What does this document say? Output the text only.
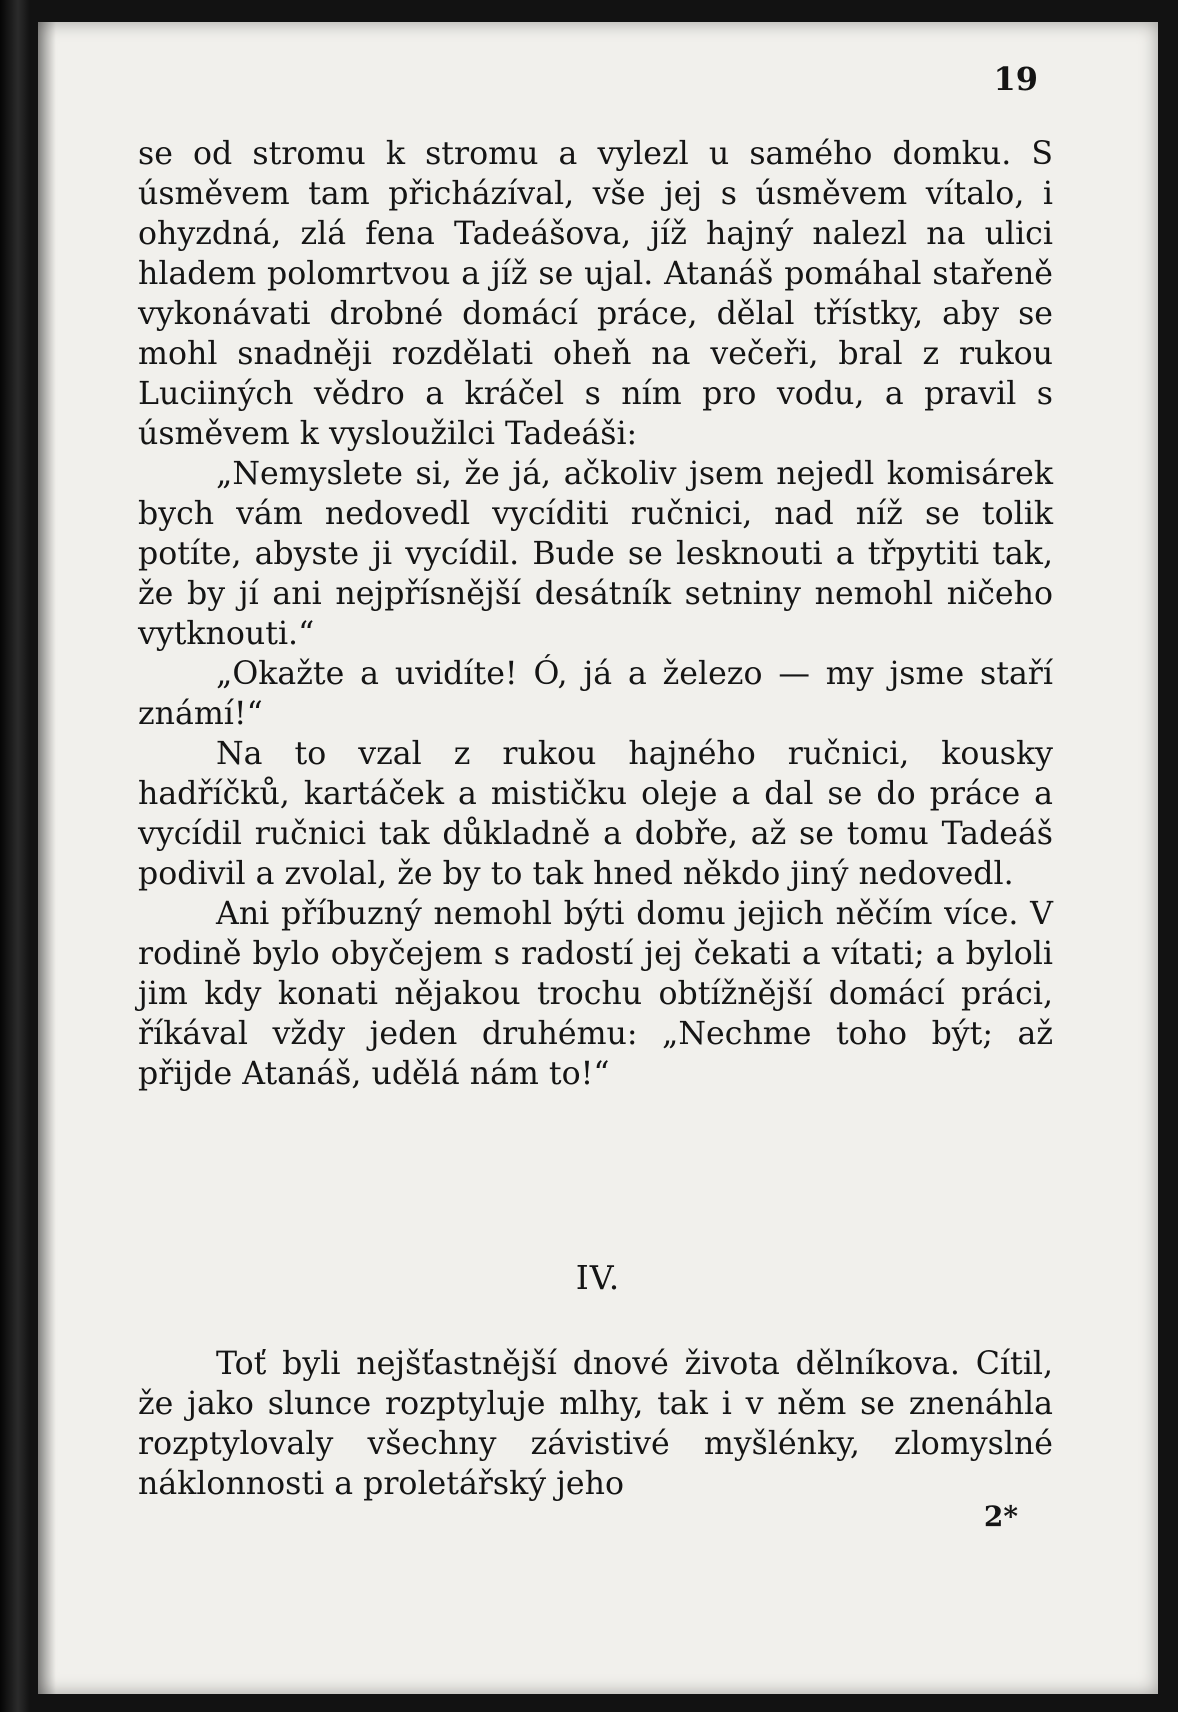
19

se od stromu k stromu a vylezl u samého domku. S úsměvem tam přicházíval, vše jej s úsměvem vítalo, i ohyzdná, zlá fena Tadeášova, jíž hajný nalezl na ulici hladem polomrtvou a jíž se ujal. Atanáš pomáhal stařeně vykonávati drobné domácí práce, dělal třístky, aby se mohl snadněji rozdělati oheň na večeři, bral z rukou Luciiných vědro a kráčel s ním pro vodu, a pravil s úsměvem k vysloužilci Tadeáši:

„Nemyslete si, že já, ačkoliv jsem nejedl komisárek bych vám nedovedl vycíditi ručnici, nad níž se tolik potíte, abyste ji vycídil. Bude se lesknouti a třpytiti tak, že by jí ani nejpřísnější desátník setniny nemohl ničeho vytknouti.“

„Okažte a uvidíte! Ó, já a železo — my jsme staří známí!“

Na to vzal z rukou hajného ručnici, kousky hadříčků, kartáček a mističku oleje a dal se do práce a vycídil ručnici tak důkladně a dobře, až se tomu Tadeáš podivil a zvolal, že by to tak hned někdo jiný nedovedl.

Ani příbuzný nemohl býti domu jejich něčím více. V rodině bylo obyčejem s radostí jej čekati a vítati; a byloli jim kdy konati nějakou trochu obtížnější domácí práci, říkával vždy jeden druhému: „Nechme toho být; až přijde Atanáš, udělá nám to!“

IV.

Toť byli nejšťastnější dnové života dělníkova. Cítil, že jako slunce rozptyluje mlhy, tak i v něm se znenáhla rozptylovaly všechny závistivé myšlénky, zlomyslné náklonnosti a proletářský jeho

2*
